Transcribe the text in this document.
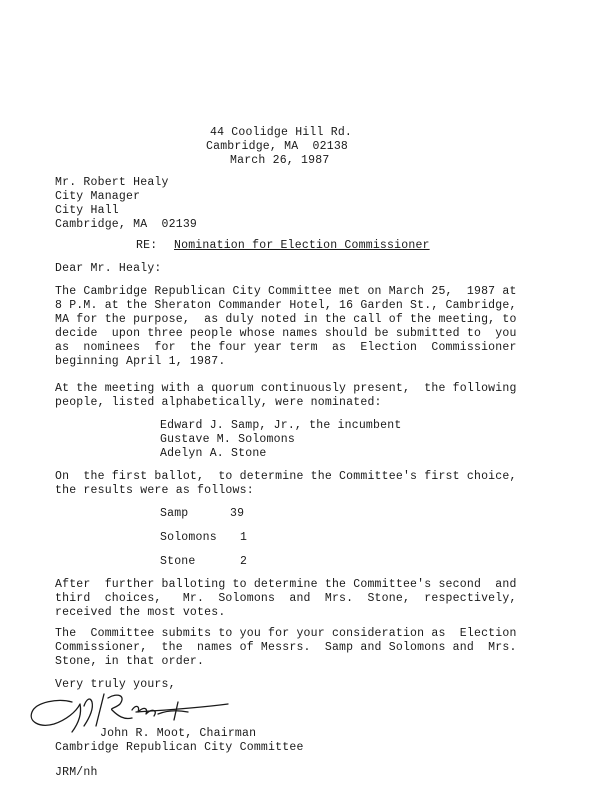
44 Coolidge Hill Rd.
Cambridge, MA  02138
March 26, 1987
Mr. Robert Healy
City Manager
City Hall
Cambridge, MA  02139
RE: Nomination for Election Commissioner
Dear Mr. Healy:
The Cambridge Republican City Committee met on March 25,  1987 at
8 P.M. at the Sheraton Commander Hotel, 16 Garden St., Cambridge,
MA for the purpose,  as duly noted in the call of the meeting, to
decide  upon three people whose names should be submitted to  you
as  nominees  for  the four year term  as  Election  Commissioner
beginning April 1, 1987.
At the meeting with a quorum continuously present,  the following
people, listed alphabetically, were nominated:
Edward J. Samp, Jr., the incumbent
Gustave M. Solomons
Adelyn A. Stone
On  the first ballot,  to determine the Committee's first choice,
the results were as follows:
Samp	39
Solomons 1
Stone	2
After  further balloting to determine the Committee's second  and
third  choices,   Mr.  Solomons  and  Mrs.  Stone,  respectively,
received the most votes.
The  Committee submits to you for your consideration as  Election
Commissioner,  the  names of Messrs.  Samp and Solomons and  Mrs.
Stone, in that order.
Very truly yours,
John R. Moot, Chairman
Cambridge Republican City Committee
JRM/nh
